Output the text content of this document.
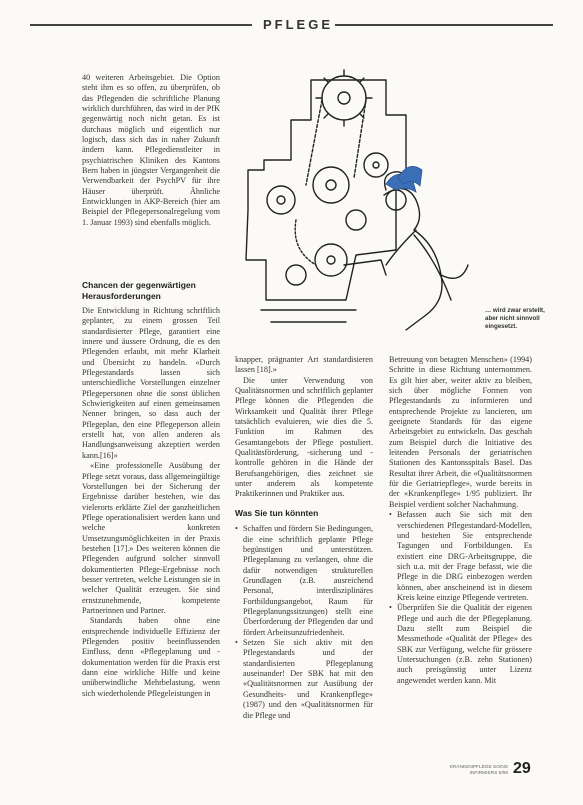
PFLEGE

40 weiteren Arbeitsgebiet. Die Option steht ihm es so offen, zu überprüfen, ob das Pflegenden die schriftliche Planung wirklich durchführen, das wird in der PfK gegenwärtig noch nicht getan. Es ist durchaus möglich und eigentlich nur logisch, dass sich das in naher Zukunft ändern kann. Pflegedienstleiter in psychiatrischen Kliniken des Kantons Bern haben in jüngster Vergangenheit die Verwendbarkeit der PsychPV für ihre Häuser überprüft. Ähnliche Entwicklungen in AKP-Bereich (hier am Beispiel der Pflegepersonalregelung vom 1. Januar 1993) sind ebenfalls möglich.

Chancen der gegenwärtigen Herausforderungen

Die Entwicklung in Richtung schriftlich geplanter, zu einem grossen Teil standardisierter Pflege, garantiert eine innere und äussere Ordnung, die es den Pflegenden erlaubt, mit mehr Klarheit und Übersicht zu handeln. «Durch Pflegestandards lassen sich unterschiedliche Vorstellungen einzelner Pflegepersonen ohne die sonst üblichen Schwierigkeiten auf einen gemeinsamen Nenner bringen, so dass auch der Pflegeplan, den eine Pflegeperson allein erstellt hat, von allen anderen als Handlungsanweisung akzeptiert werden kann.[16]»

«Eine professionelle Ausübung der Pflege setzt voraus, dass allgemeingültige Vorstellungen bei der Sicherung der Ergebnisse darüber bestehen, wie das vielerorts erklärte Ziel der ganzheitlichen Pflege operationalisiert werden kann und welche konkreten Umsetzungsmöglichkeiten in der Praxis bestehen [17].» Des weiteren können die Pflegenden aufgrund solcher sinnvoll dokumentierten Pflege-Ergebnisse noch besser vertreten, welche Leistungen sie in welcher Qualität erzeugen. Sie sind ernstzunehmende, kompetente Partnerinnen und Partner.

Standards haben ohne eine entsprechende individuelle Effizienz der Pflegenden positiv beeinflussenden Einfluss, denn «Pflegeplanung und -dokumentation werden für die Praxis erst dann eine wirkliche Hilfe und keine unüberwindliche Mehrbelastung, wenn sich wiederholende Pflegeleistungen in

… wird zwar erstellt, aber nicht sinnvoll eingesetzt.

knapper, prägnanter Art standardisieren lassen [18].»

Die unter Verwendung von Qualitätsnormen und schriftlich geplanter Pflege können die Pflegenden die Wirksamkeit und Qualität ihrer Pflege tatsächlich evaluieren, wie dies die 5. Funktion im Rahmen des Gesamtangebots der Pflege postuliert. Qualitätsförderung, -sicherung und -kontrolle gehören in die Hände der Berufsangehörigen, dies zeichnet sie unter anderem als kompetente Praktikerinnen und Praktiker aus.

Was Sie tun könnten
• Schaffen und fördern Sie Bedingungen, die eine schriftlich geplante Pflege begünstigen und unterstützen. Pflegeplanung zu verlangen, ohne die dafür notwendigen strukturellen Grundlagen (z.B. ausreichend Personal, interdisziplinäres Fortbildungsangebot, Raum für Pflegeplanungssitzungen) stellt eine Überforderung der Pflegenden dar und fördert Arbeitsunzufriedenheit.
• Setzen Sie sich aktiv mit den Pflegestandards und der standardisierten Pflegeplanung auseinander! Der SBK hat mit den «Qualitätsnormen zur Ausübung der Gesundheits- und Krankenpflege» (1987) und den «Qualitätsnormen für die Pflege und

Betreuung von betagten Menschen» (1994) Schritte in diese Richtung unternommen. Es gilt hier aber, weiter aktiv zu bleiben, sich über mögliche Formen von Pflegestandards zu informieren und entsprechende Projekte zu lancieren, um geeignete Standards für das eigene Arbeitsgebiet zu entwickeln. Das geschah zum Beispiel durch die Initiative des leitenden Personals der geriatrischen Stationen des Kantonsspitals Basel. Das Resultat ihrer Arbeit, die «Qualitätsnormen für die Geriatriepflege», wurde bereits in der «Krankenpflege» 1/95 publiziert. Ihr Beispiel verdient solcher Nachahmung.

• Befassen auch Sie sich mit den verschiedenen Pflegestandard-Modellen, und bestehen Sie entsprechende Tagungen und Fortbildungen. Es existiert eine DRG-Arbeitsgruppe, die sich u.a. mit der Frage befasst, wie die Pflege in die DRG einbezogen werden können, aber anscheinend ist in diesem Kreis keine einzige Pflegende vertreten.
• Überprüfen Sie die Qualität der eigenen Pflege und auch die der Pflegeplanung. Dazu stellt zum Beispiel die Messmethode «Qualität der Pflege» des SBK zur Verfügung, welche für grössere Untersuchungen (z.B. zehn Stationen) auch preisgünstig unter Lizenz angewendet werden kann. Mit
KRANKENPFLEGE SOINS INFIRMIERS 5/95 29
